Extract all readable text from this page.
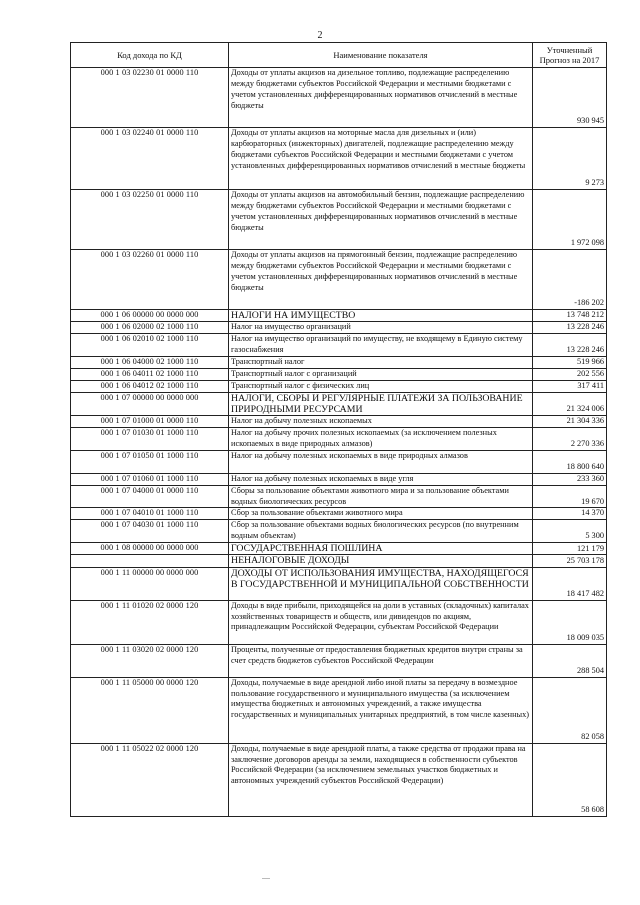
2
Код дохода по КД	Наименование показателя	Уточненный Прогноз на 2017
000 1 03 02230 01 0000 110	Доходы от уплаты акцизов на дизельное топливо, подлежащие распределению между бюджетами субъектов Российской Федерации и местными бюджетами с учетом установленных дифференцированных нормативов отчислений в местные бюджеты	930 945
000 1 03 02240 01 0000 110	Доходы от уплаты акцизов на моторные масла для дизельных и (или) карбюраторных (инжекторных) двигателей, подлежащие распределению между бюджетами субъектов Российской Федерации и местными бюджетами с учетом установленных дифференцированных нормативов отчислений в местные бюджеты	9 273
000 1 03 02250 01 0000 110	Доходы от уплаты акцизов на автомобильный бензин, подлежащие распределению между бюджетами субъектов Российской Федерации и местными бюджетами с учетом установленных дифференцированных нормативов отчислений в местные бюджеты	1 972 098
000 1 03 02260 01 0000 110	Доходы от уплаты акцизов на прямогонный бензин, подлежащие распределению между бюджетами субъектов Российской Федерации и местными бюджетами с учетом установленных дифференцированных нормативов отчислений в местные бюджеты	-186 202
000 1 06 00000 00 0000 000	НАЛОГИ НА ИМУЩЕСТВО	13 748 212
000 1 06 02000 02 1000 110	Налог на имущество организаций	13 228 246
000 1 06 02010 02 1000 110	Налог на имущество организаций по имуществу, не входящему в Единую систему газоснабжения	13 228 246
000 1 06 04000 02 1000 110	Транспортный налог	519 966
000 1 06 04011 02 1000 110	Транспортный налог с организаций	202 556
000 1 06 04012 02 1000 110	Транспортный налог с физических лиц	317 411
000 1 07 00000 00 0000 000	НАЛОГИ, СБОРЫ И РЕГУЛЯРНЫЕ ПЛАТЕЖИ ЗА ПОЛЬЗОВАНИЕ ПРИРОДНЫМИ РЕСУРСАМИ	21 324 006
000 1 07 01000 01 0000 110	Налог на добычу полезных ископаемых	21 304 336
000 1 07 01030 01 1000 110	Налог на добычу прочих полезных ископаемых (за исключением полезных ископаемых в виде природных алмазов)	2 270 336
000 1 07 01050 01 1000 110	Налог на добычу полезных ископаемых в виде природных алмазов	18 800 640
000 1 07 01060 01 1000 110	Налог на добычу полезных ископаемых в виде угля	233 360
000 1 07 04000 01 0000 110	Сборы за пользование объектами животного мира и за пользование объектами водных биологических ресурсов	19 670
000 1 07 04010 01 1000 110	Сбор за пользование объектами животного мира	14 370
000 1 07 04030 01 1000 110	Сбор за пользование объектами водных биологических ресурсов (по внутренним водным объектам)	5 300
000 1 08 00000 00 0000 000	ГОСУДАРСТВЕННАЯ ПОШЛИНА	121 179
	НЕНАЛОГОВЫЕ ДОХОДЫ	25 703 178
000 1 11 00000 00 0000 000	ДОХОДЫ ОТ ИСПОЛЬЗОВАНИЯ ИМУЩЕСТВА, НАХОДЯЩЕГОСЯ В ГОСУДАРСТВЕННОЙ И МУНИЦИПАЛЬНОЙ СОБСТВЕННОСТИ	18 417 482
000 1 11 01020 02 0000 120	Доходы в виде прибыли, приходящейся на доли в уставных (складочных) капиталах хозяйственных товариществ и обществ, или дивидендов по акциям, принадлежащим Российской Федерации, субъектам Российской Федерации	18 009 035
000 1 11 03020 02 0000 120	Проценты, полученные от предоставления бюджетных кредитов внутри страны за счет средств бюджетов субъектов Российской Федерации	288 504
000 1 11 05000 00 0000 120	Доходы, получаемые в виде арендной либо иной платы за передачу в возмездное пользование государственного и муниципального имущества (за исключением имущества бюджетных и автономных учреждений, а также имущества государственных и муниципальных унитарных предприятий, в том числе казенных)	82 058
000 1 11 05022 02 0000 120	Доходы, получаемые в виде арендной платы, а также средства от продажи права на заключение договоров аренды за земли, находящиеся в собственности субъектов Российской Федерации (за исключением земельных участков бюджетных и автономных учреждений субъектов Российской Федерации)	58 608
